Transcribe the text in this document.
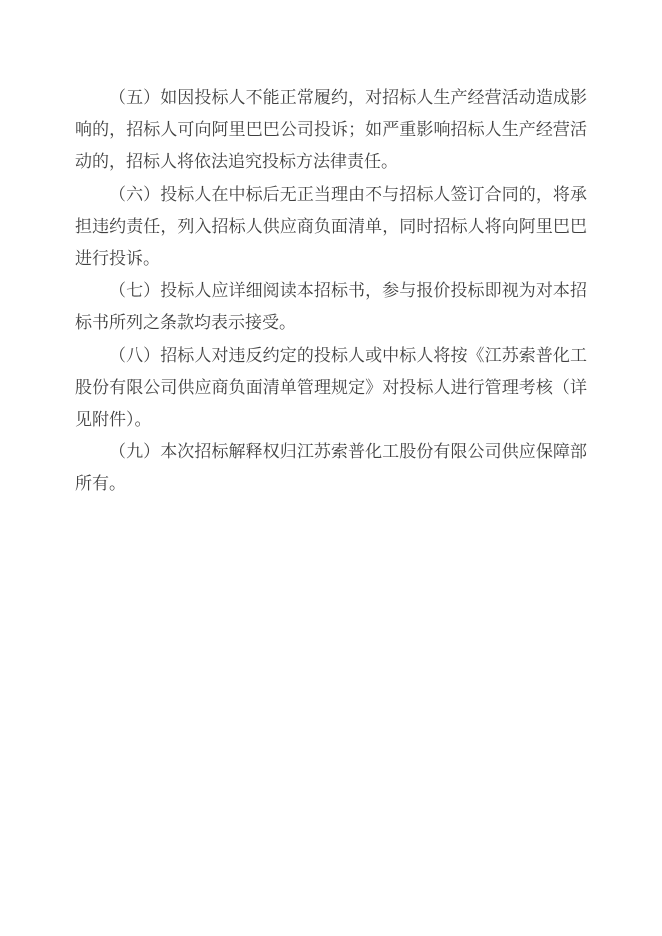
（五）如因投标人不能正常履约，对招标人生产经营活动造成影响的，招标人可向阿里巴巴公司投诉；如严重影响招标人生产经营活动的，招标人将依法追究投标方法律责任。

（六）投标人在中标后无正当理由不与招标人签订合同的，将承担违约责任，列入招标人供应商负面清单，同时招标人将向阿里巴巴进行投诉。

（七）投标人应详细阅读本招标书，参与报价投标即视为对本招标书所列之条款均表示接受。

（八）招标人对违反约定的投标人或中标人将按《江苏索普化工股份有限公司供应商负面清单管理规定》对投标人进行管理考核（详见附件）。

（九）本次招标解释权归江苏索普化工股份有限公司供应保障部所有。
